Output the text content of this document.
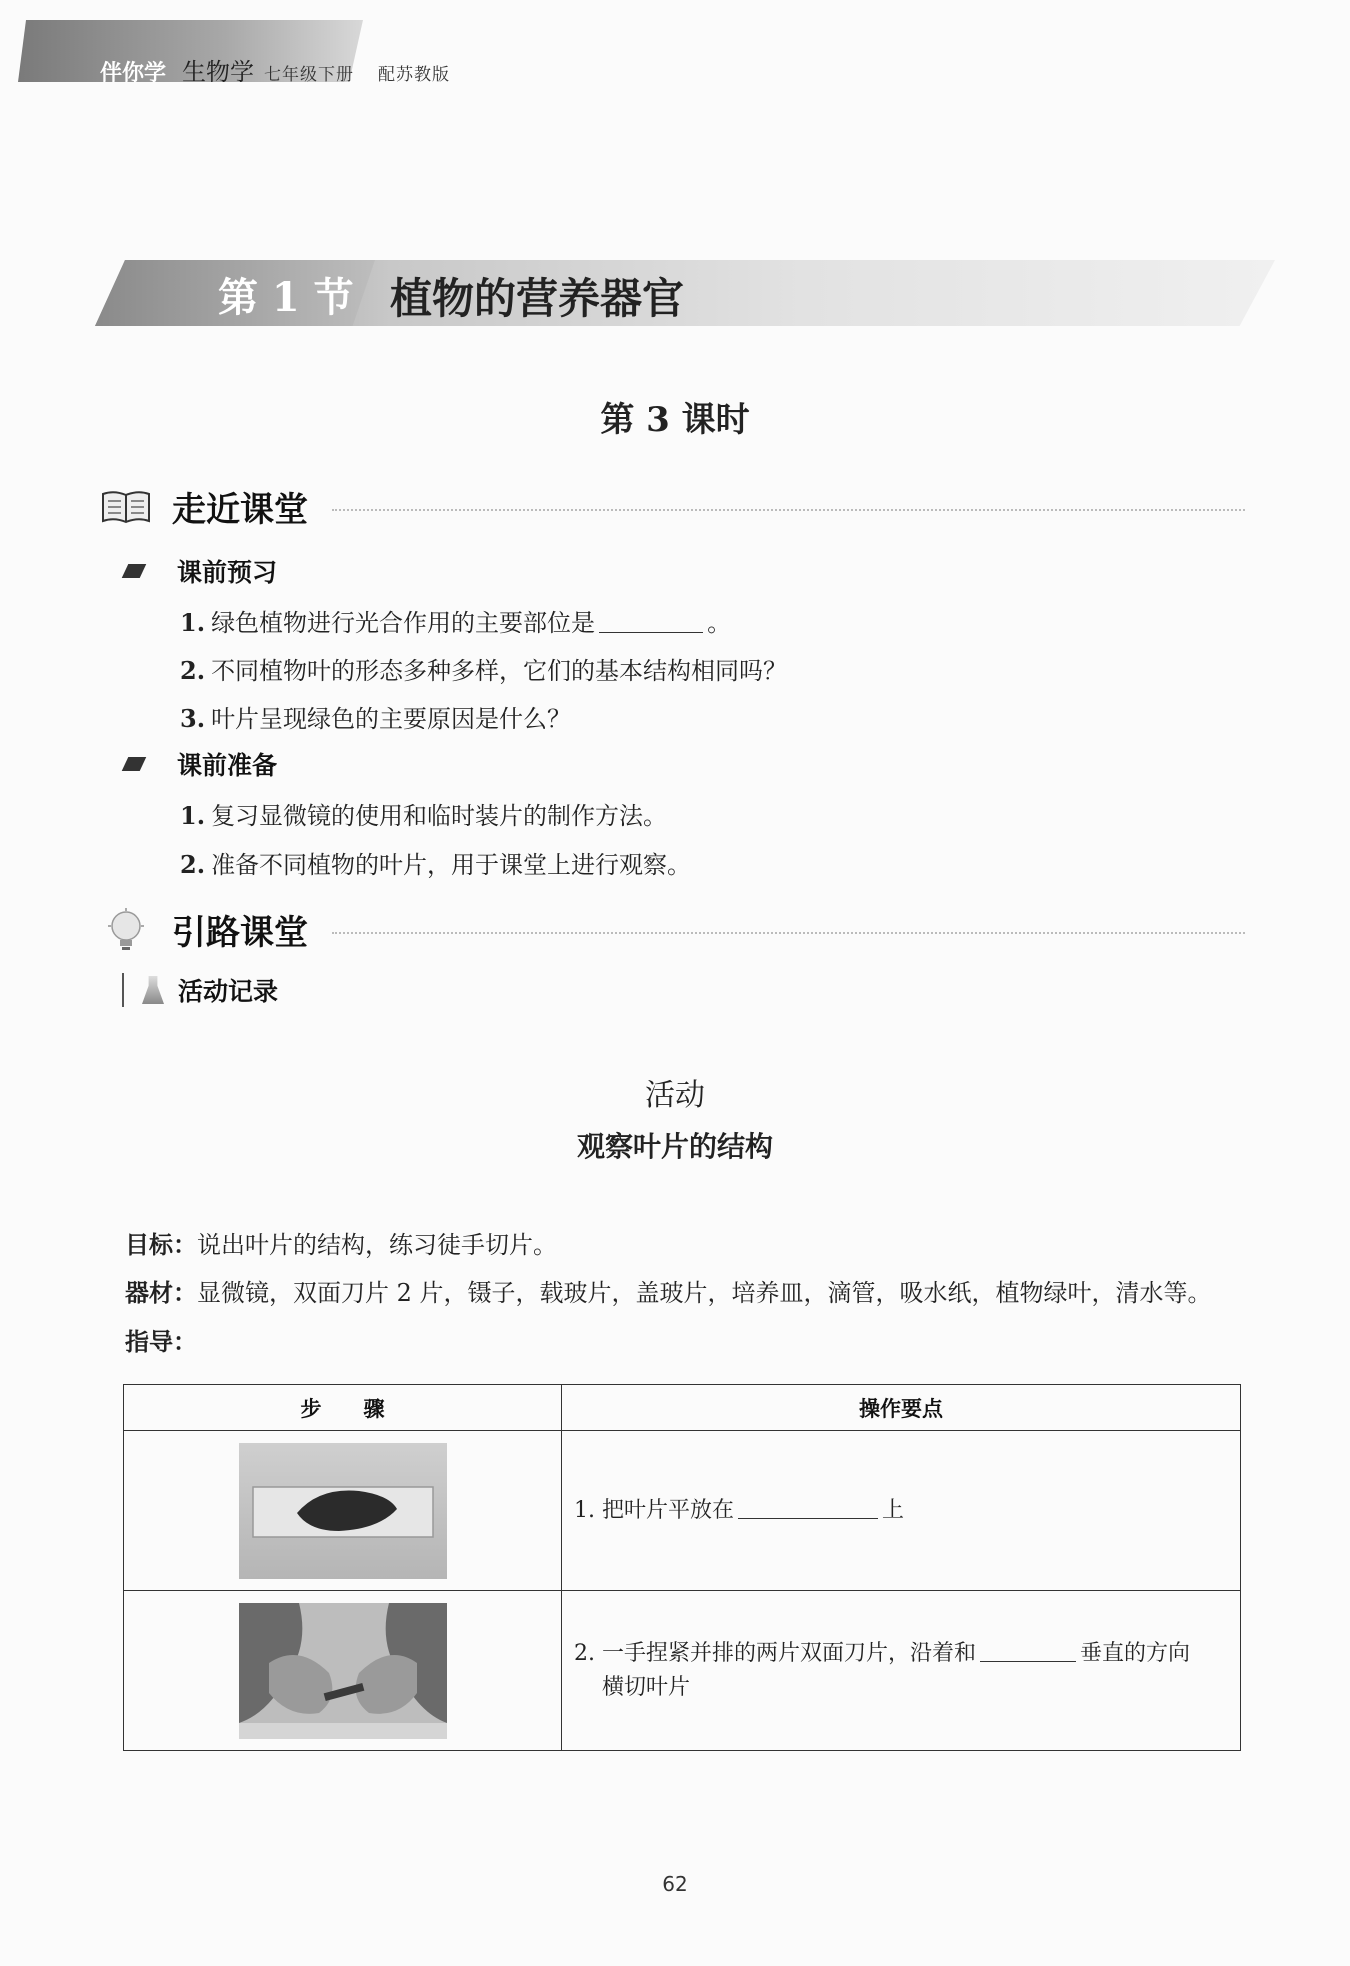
伴你学 生物学 七年级下册 配苏教版
第 1 节 植物的营养器官
第 3 课时
走近课堂
课前预习
1. 绿色植物进行光合作用的主要部位是	。
2. 不同植物叶的形态多种多样，它们的基本结构相同吗？
3. 叶片呈现绿色的主要原因是什么？
课前准备
1. 复习显微镜的使用和临时装片的制作方法。
2. 准备不同植物的叶片，用于课堂上进行观察。
引路课堂
活动记录
活动
观察叶片的结构
目标：说出叶片的结构，练习徒手切片。
器材：显微镜，双面刀片 2 片，镊子，载玻片，盖玻片，培养皿，滴管，吸水纸，植物绿叶，清水等。
指导：
步　　骤	操作要点
	1. 把叶片平放在 上
	2. 一手捏紧并排的两片双面刀片，沿着和 垂直的方向
横切叶片
62
